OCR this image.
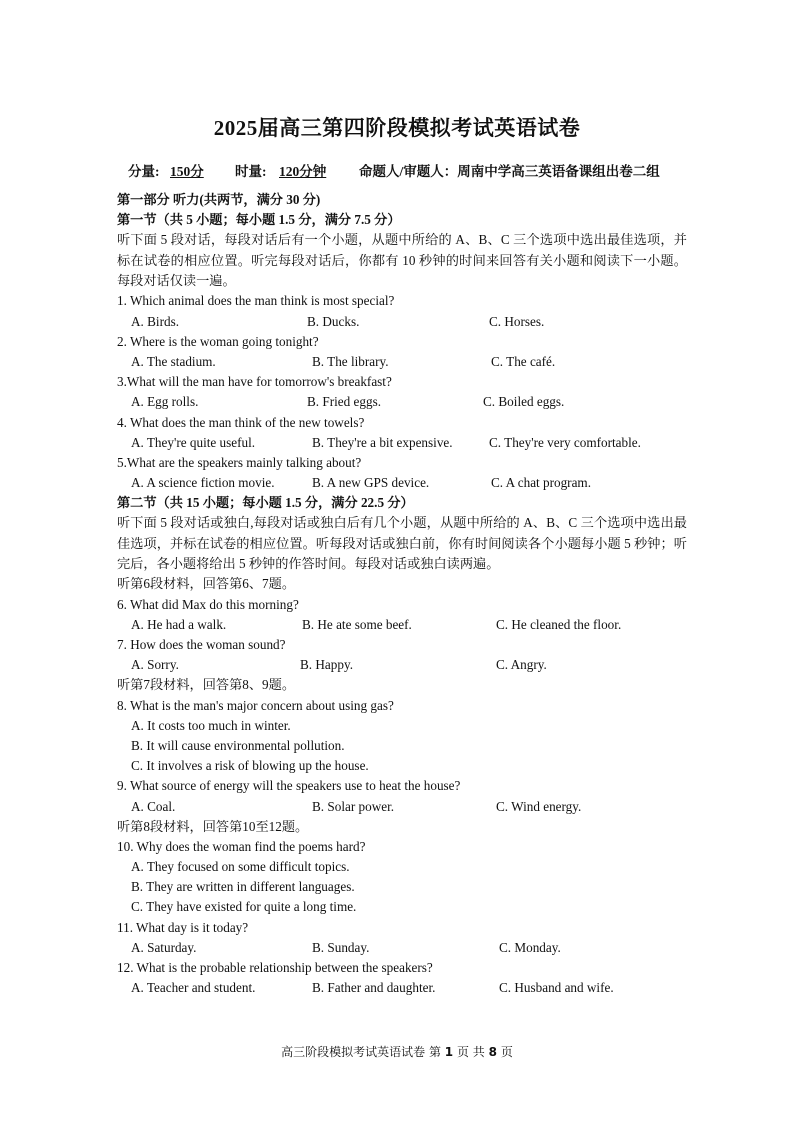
2025届高三第四阶段模拟考试英语试卷
分量: 150分 时量: 120分钟 命题人/审题人：周南中学高三英语备课组出卷二组
第一部分 听力(共两节，满分 30 分)
第一节（共 5 小题；每小题 1.5 分，满分 7.5 分）
听下面 5 段对话，每段对话后有一个小题，从题中所给的 A、B、C 三个选项中选出最佳选项，并标在试卷的相应位置。听完每段对话后，你都有 10 秒钟的时间来回答有关小题和阅读下一小题。每段对话仅读一遍。
1. Which animal does the man think is most special?
A. Birds.	B. Ducks.	C. Horses.
2. Where is the woman going tonight?
A. The stadium.	B. The library.	C. The café.
3.What will the man have for tomorrow's breakfast?
A. Egg rolls.	B. Fried eggs.	C. Boiled eggs.
4. What does the man think of the new towels?
A. They're quite useful.	B. They're a bit expensive.	C. They're very comfortable.
5.What are the speakers mainly talking about?
A. A science fiction movie.	B. A new GPS device.	C. A chat program.
第二节（共 15 小题；每小题 1.5 分，满分 22.5 分）
听下面 5 段对话或独白,每段对话或独白后有几个小题，从题中所给的 A、B、C 三个选项中选出最佳选项，并标在试卷的相应位置。听每段对话或独白前，你有时间阅读各个小题每小题 5 秒钟；听完后，各小题将给出 5 秒钟的作答时间。每段对话或独白读两遍。
听第6段材料，回答第6、7题。
6. What did Max do this morning?
A. He had a walk.	B. He ate some beef.	C. He cleaned the floor.
7. How does the woman sound?
A. Sorry.	B. Happy.	C. Angry.
听第7段材料，回答第8、9题。
8. What is the man's major concern about using gas?
A. It costs too much in winter.
B. It will cause environmental pollution.
C. It involves a risk of blowing up the house.
9. What source of energy will the speakers use to heat the house?
A. Coal.	B. Solar power.	C. Wind energy.
听第8段材料，回答第10至12题。
10. Why does the woman find the poems hard?
A. They focused on some difficult topics.
B. They are written in different languages.
C. They have existed for quite a long time.
11. What day is it today?
A. Saturday.	B. Sunday.	C. Monday.
12. What is the probable relationship between the speakers?
A. Teacher and student.	B. Father and daughter.	C. Husband and wife.
高三阶段模拟考试英语试卷 第 1 页 共 8 页
